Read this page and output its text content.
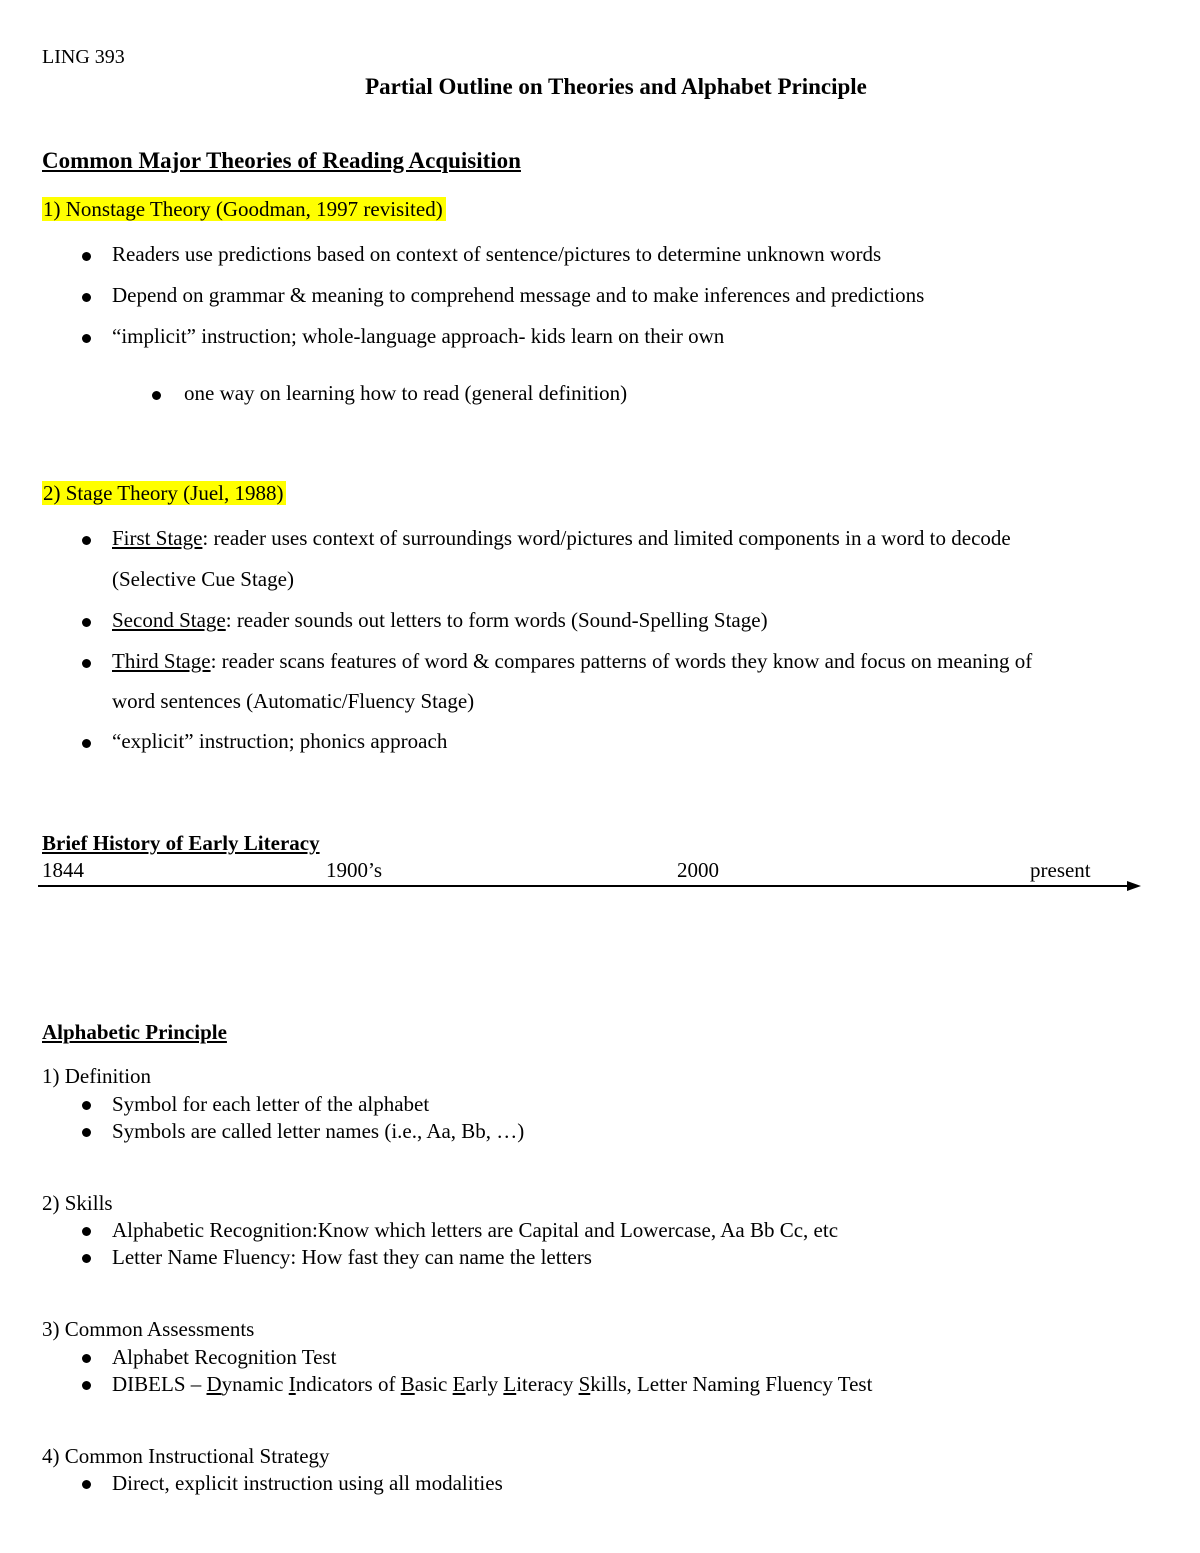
LING 393
Partial Outline on Theories and Alphabet Principle
Common Major Theories of Reading Acquisition
1) Nonstage Theory (Goodman, 1997 revisited)
Readers use predictions based on context of sentence/pictures to determine unknown words
Depend on grammar & meaning to comprehend message and to make inferences and predictions
“implicit” instruction; whole-language approach- kids learn on their own
one way on learning how to read (general definition)
2) Stage Theory (Juel, 1988)
First Stage: reader uses context of surroundings word/pictures and limited components in a word to decode
(Selective Cue Stage)
Second Stage: reader sounds out letters to form words (Sound-Spelling Stage)
Third Stage: reader scans features of word & compares patterns of words they know and focus on meaning of
word sentences (Automatic/Fluency Stage)
“explicit” instruction; phonics approach
Brief History of Early Literacy
1844	1900’s	2000	present
Alphabetic Principle
1) Definition
Symbol for each letter of the alphabet
Symbols are called letter names (i.e., Aa, Bb, …)
2) Skills
Alphabetic Recognition:Know which letters are Capital and Lowercase, Aa Bb Cc, etc
Letter Name Fluency: How fast they can name the letters
3) Common Assessments
Alphabet Recognition Test
DIBELS – Dynamic Indicators of Basic Early Literacy Skills, Letter Naming Fluency Test
4) Common Instructional Strategy
Direct, explicit instruction using all modalities
